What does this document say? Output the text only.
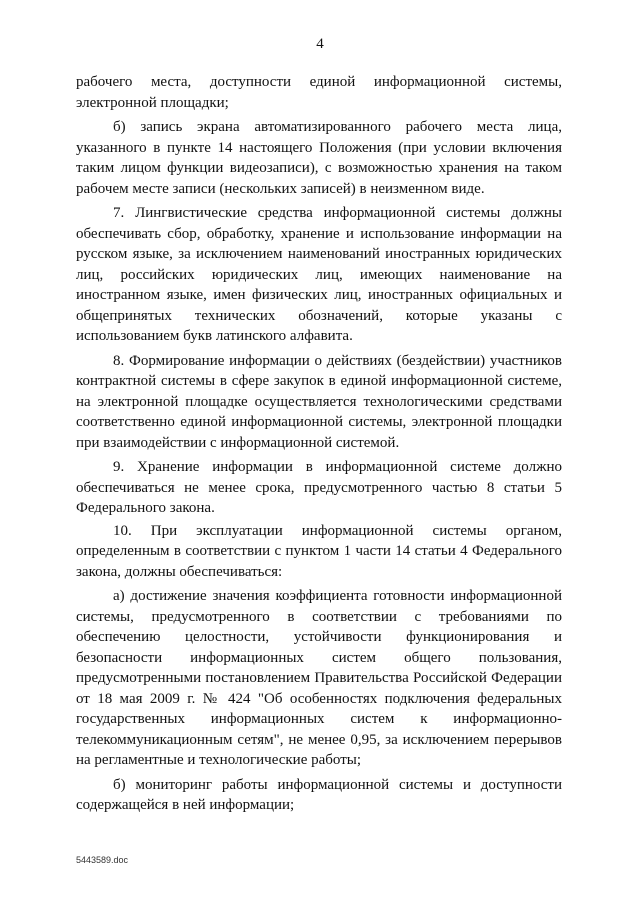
4

рабочего места, доступности единой информационной системы, электронной площадки;

б) запись экрана автоматизированного рабочего места лица, указанного в пункте 14 настоящего Положения (при условии включения таким лицом функции видеозаписи), с возможностью хранения на таком рабочем месте записи (нескольких записей) в неизменном виде.

7. Лингвистические средства информационной системы должны обеспечивать сбор, обработку, хранение и использование информации на русском языке, за исключением наименований иностранных юридических лиц, российских юридических лиц, имеющих наименование на иностранном языке, имен физических лиц, иностранных официальных и общепринятых технических обозначений, которые указаны с использованием букв латинского алфавита.

8. Формирование информации о действиях (бездействии) участников контрактной системы в сфере закупок в единой информационной системе, на электронной площадке осуществляется технологическими средствами соответственно единой информационной системы, электронной площадки при взаимодействии с информационной системой.

9. Хранение информации в информационной системе должно обеспечиваться не менее срока, предусмотренного частью 8 статьи 5 Федерального закона.

10. При эксплуатации информационной системы органом, определенным в соответствии с пунктом 1 части 14 статьи 4 Федерального закона, должны обеспечиваться:

а) достижение значения коэффициента готовности информационной системы, предусмотренного в соответствии с требованиями по обеспечению целостности, устойчивости функционирования и безопасности информационных систем общего пользования, предусмотренными постановлением Правительства Российской Федерации от 18 мая 2009 г. № 424 "Об особенностях подключения федеральных государственных информационных систем к информационно-телекоммуникационным сетям", не менее 0,95, за исключением перерывов на регламентные и технологические работы;

б) мониторинг работы информационной системы и доступности содержащейся в ней информации;

5443589.doc
